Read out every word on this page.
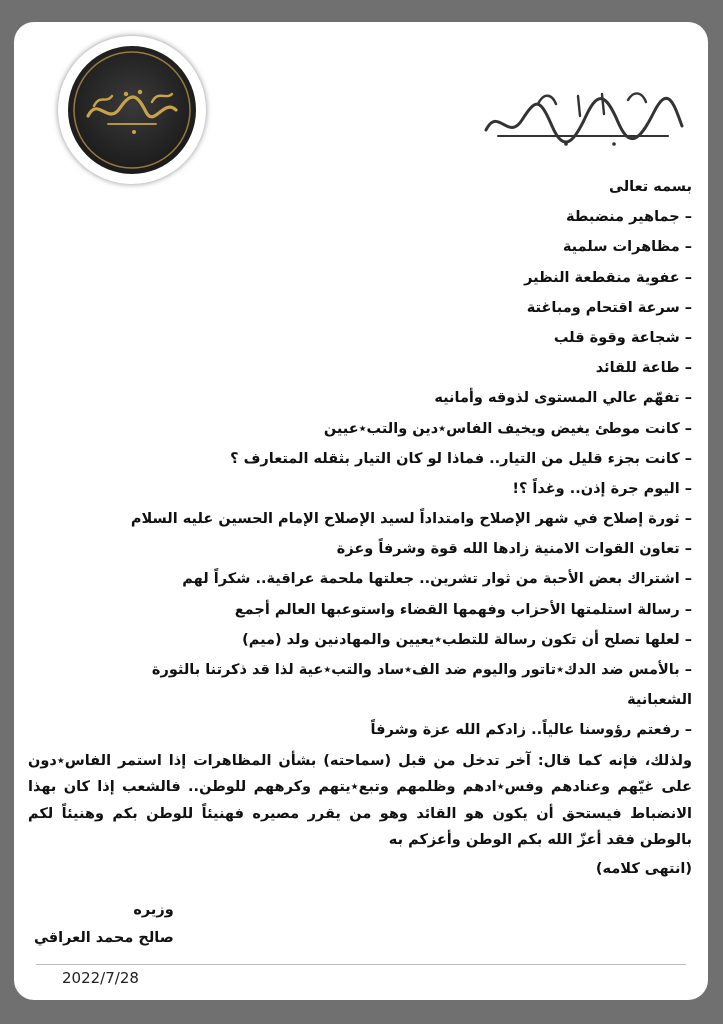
بسمه تعالى
– جماهير منضبطة
– مظاهرات سلمية
– عفوية منقطعة النظير
– سرعة اقتحام ومباغتة
– شجاعة وقوة قلب
– طاعة للقائد
– تفهّم عالي المستوى لذوقه وأمانيه
– كانت موطئ يغيض ويخيف الفاس٭دين والتب٭عيين
– كانت بجزء قليل من التيار.. فماذا لو كان التيار بثقله المتعارف ؟
– اليوم جرة إذن.. وغداً ؟!
– ثورة إصلاح في شهر الإصلاح وامتداداً لسيد الإصلاح الإمام الحسين عليه السلام
– تعاون القوات الامنية زادها الله قوة وشرفاً وعزة
– اشتراك بعض الأحبة من ثوار تشرين.. جعلتها ملحمة عراقية.. شكراً لهم
– رسالة استلمتها الأحزاب وفهمها القضاء واستوعبها العالم أجمع
– لعلها تصلح أن تكون رسالة للتطب٭يعيين والمهادنين ولد (ميم)
– بالأمس ضد الدك٭تاتور واليوم ضد الف٭ساد والتب٭عية لذا قد ذكرتنا بالثورة
الشعبانية
– رفعتم رؤوسنا عالياً.. زادكم الله عزة وشرفاً
ولذلك، فإنه كما قال: آخر تدخل من قبل (سماحته) بشأن المظاهرات إذا استمر الفاس٭دون على غيّهم وعنادهم وفس٭ادهم وظلمهم وتبع٭يتهم وكرههم للوطن.. فالشعب إذا كان بهذا الانضباط فيستحق أن يكون هو القائد وهو من يقرر مصيره فهنيئاً للوطن بكم وهنيئاً لكم بالوطن فقد أعزّ الله بكم الوطن وأعزكم به
(انتهى كلامه)
وزيره
صالح محمد العراقي
2022/7/28
